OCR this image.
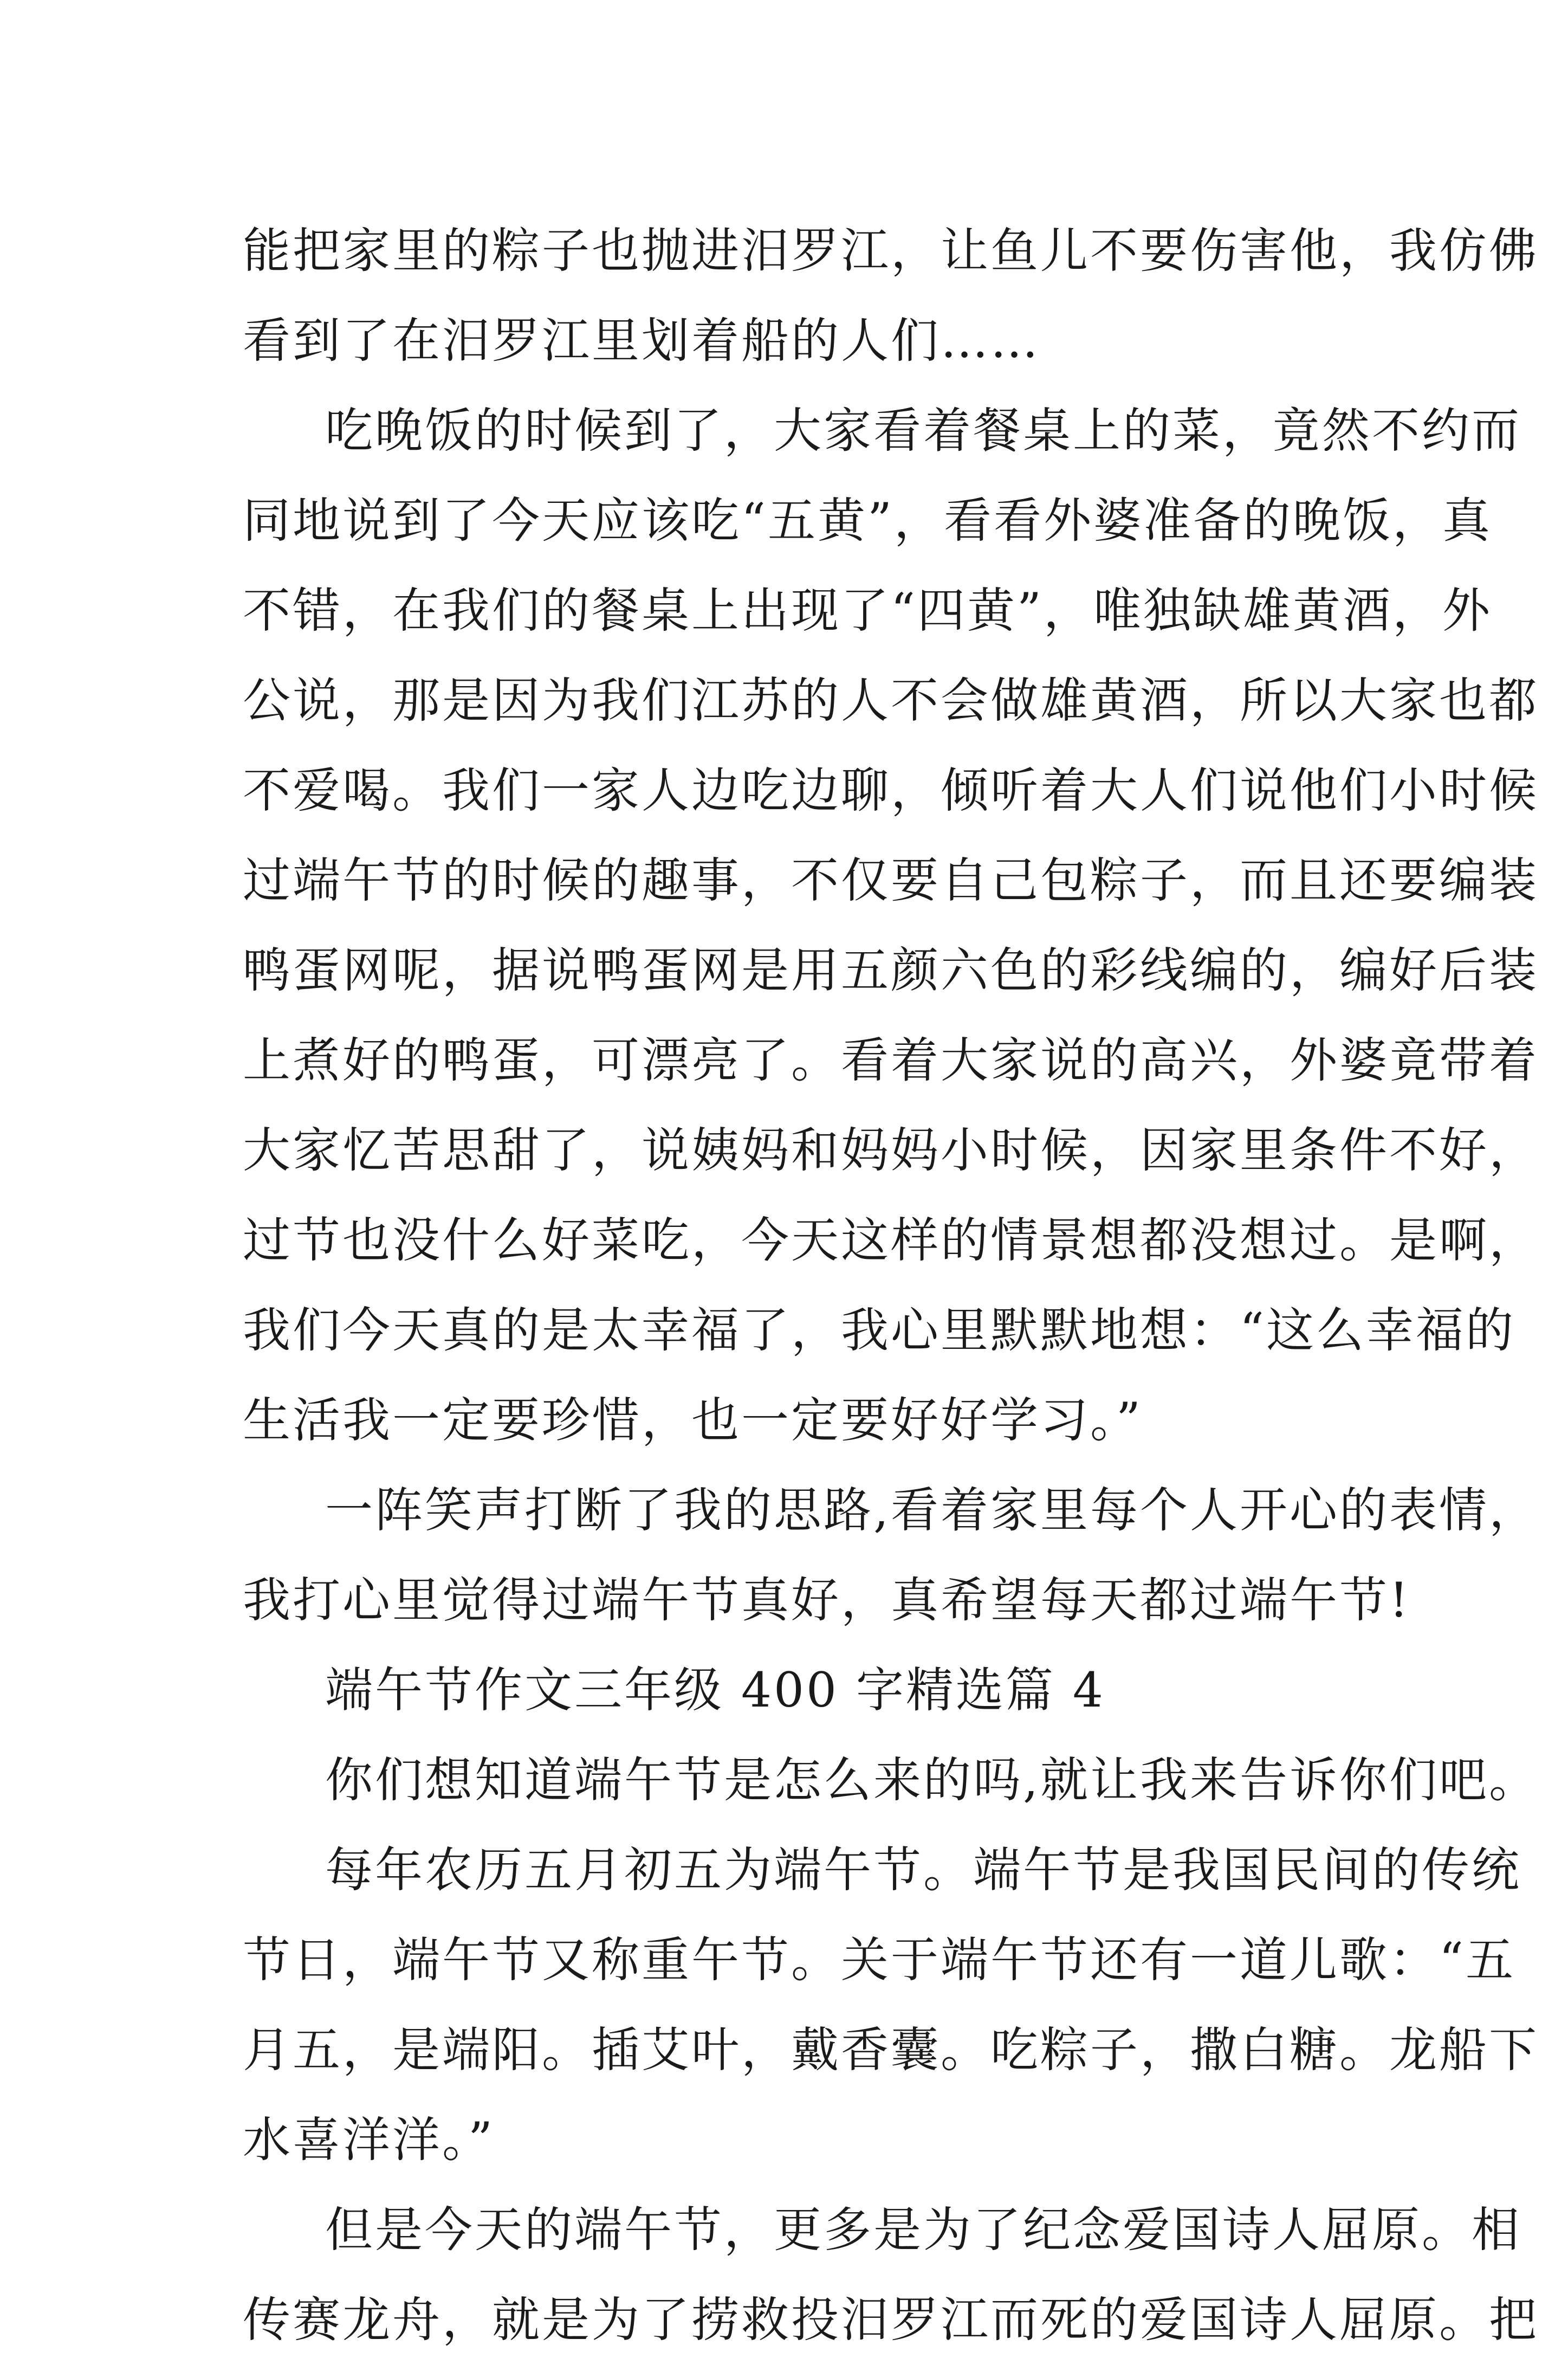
能把家里的粽子也抛进汨罗江，让鱼儿不要伤害他，我仿佛
看到了在汨罗江里划着船的人们……
吃晚饭的时候到了，大家看着餐桌上的菜，竟然不约而
同地说到了今天应该吃“五黄”，看看外婆准备的晚饭，真
不错，在我们的餐桌上出现了“四黄”，唯独缺雄黄酒，外
公说，那是因为我们江苏的人不会做雄黄酒，所以大家也都
不爱喝。我们一家人边吃边聊，倾听着大人们说他们小时候
过端午节的时候的趣事，不仅要自己包粽子，而且还要编装
鸭蛋网呢，据说鸭蛋网是用五颜六色的彩线编的，编好后装
上煮好的鸭蛋，可漂亮了。看着大家说的高兴，外婆竟带着
大家忆苦思甜了，说姨妈和妈妈小时候，因家里条件不好，
过节也没什么好菜吃，今天这样的情景想都没想过。是啊，
我们今天真的是太幸福了，我心里默默地想：“这么幸福的
生活我一定要珍惜，也一定要好好学习。”
一阵笑声打断了我的思路,看着家里每个人开心的表情，
我打心里觉得过端午节真好，真希望每天都过端午节!
端午节作文三年级 400 字精选篇 4
你们想知道端午节是怎么来的吗,就让我来告诉你们吧。
每年农历五月初五为端午节。端午节是我国民间的传统
节日，端午节又称重午节。关于端午节还有一道儿歌：“五
月五，是端阳。插艾叶，戴香囊。吃粽子，撒白糖。龙船下
水喜洋洋。”
但是今天的端午节，更多是为了纪念爱国诗人屈原。相
传赛龙舟，就是为了捞救投汨罗江而死的爱国诗人屈原。把
